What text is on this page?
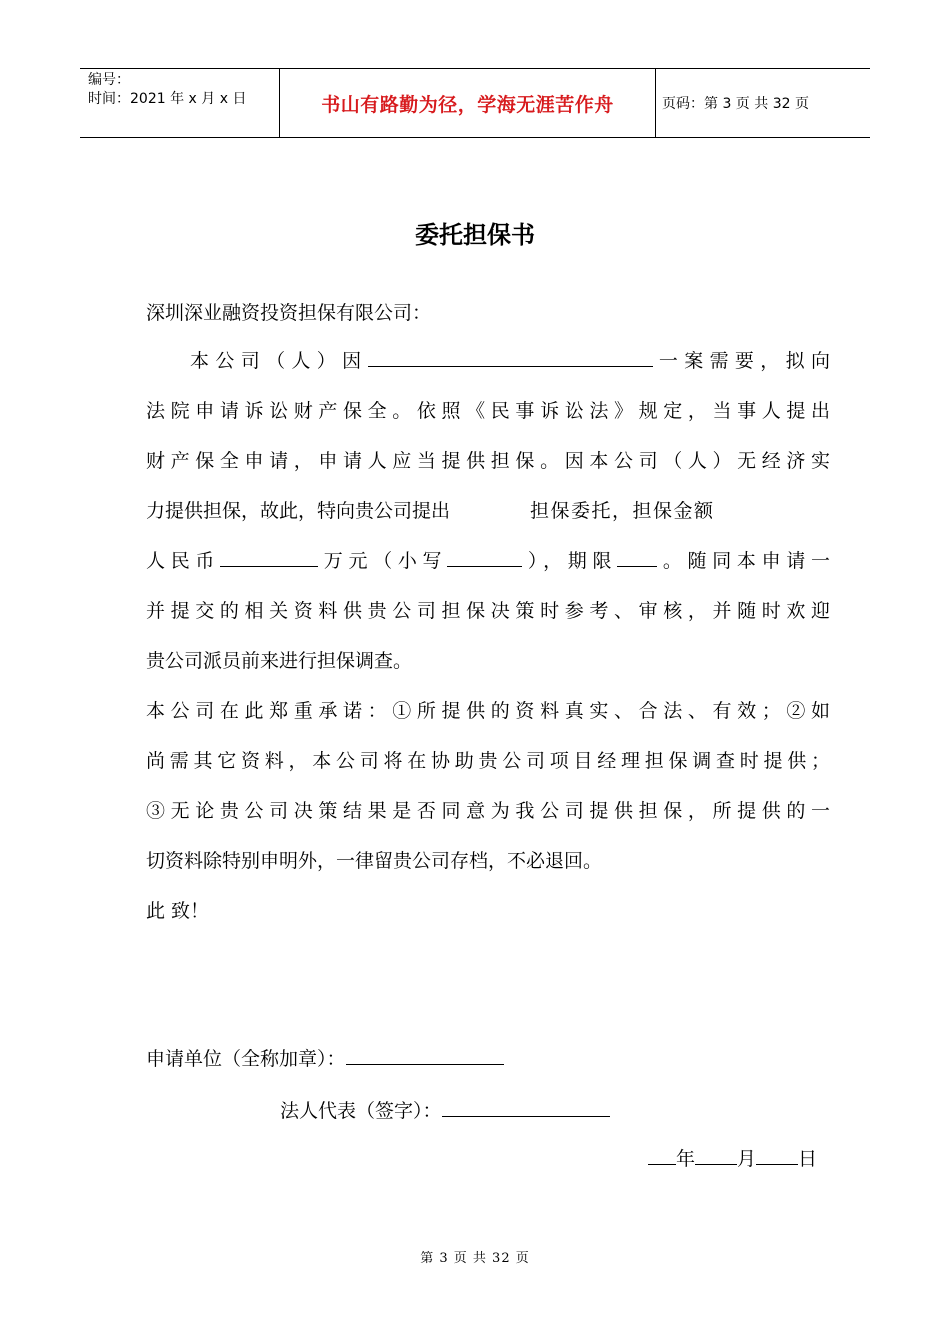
编号：
时间：2021 年 x 月 x 日	书山有路勤为径，学海无涯苦作舟	页码：第 3 页 共 32 页
委托担保书
深圳深业融资投资担保有限公司：
本公司（人）因	一案需要，拟向
法院申请诉讼财产保全。依照《民事诉讼法》规定，当事人提出
财产保全申请，申请人应当提供担保。因本公司（人）无经济实
力提供担保，故此，特向贵公司提出	担保委托，担保金额
人民币	万元（小写	），期限 。随同本申请一
并提交的相关资料供贵公司担保决策时参考、审核，并随时欢迎
贵公司派员前来进行担保调查。
本公司在此郑重承诺：①所提供的资料真实、合法、有效；②如
尚需其它资料，本公司将在协助贵公司项目经理担保调查时提供；
③无论贵公司决策结果是否同意为我公司提供担保，所提供的一
切资料除特别申明外，一律留贵公司存档，不必退回。
此 致！
申请单位（全称加章）：
法人代表（签字）：
年 月 日
第 3 页 共 32 页
